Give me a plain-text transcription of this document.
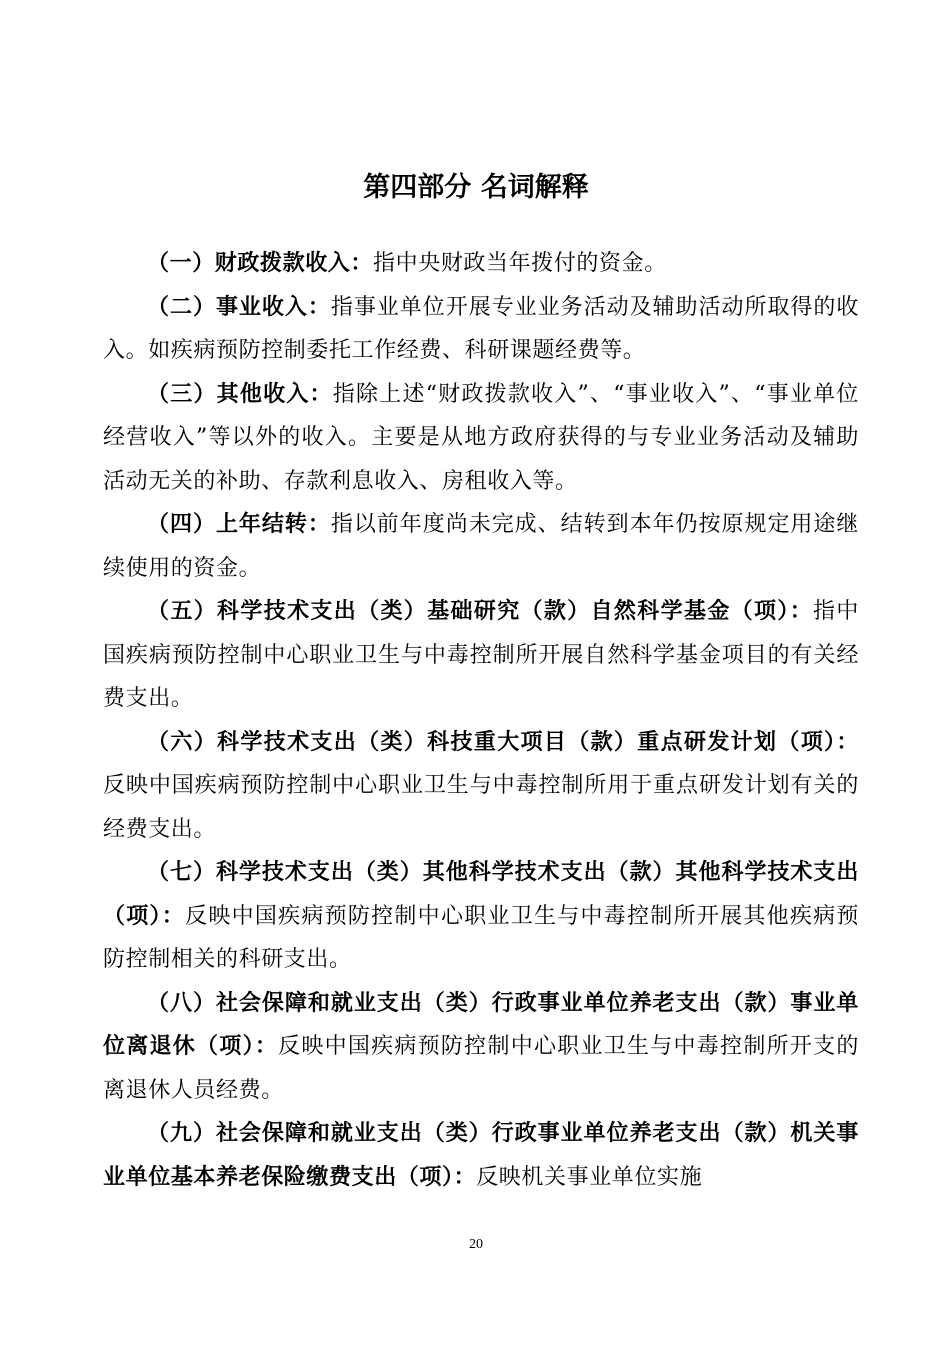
第四部分 名词解释

（一）财政拨款收入：指中央财政当年拨付的资金。

（二）事业收入：指事业单位开展专业业务活动及辅助活动所取得的收入。如疾病预防控制委托工作经费、科研课题经费等。

（三）其他收入：指除上述“财政拨款收入”、“事业收入”、“事业单位经营收入”等以外的收入。主要是从地方政府获得的与专业业务活动及辅助活动无关的补助、存款利息收入、房租收入等。

（四）上年结转：指以前年度尚未完成、结转到本年仍按原规定用途继续使用的资金。

（五）科学技术支出（类）基础研究（款）自然科学基金（项）：指中国疾病预防控制中心职业卫生与中毒控制所开展自然科学基金项目的有关经费支出。

（六）科学技术支出（类）科技重大项目（款）重点研发计划（项）：反映中国疾病预防控制中心职业卫生与中毒控制所用于重点研发计划有关的经费支出。

（七）科学技术支出（类）其他科学技术支出（款）其他科学技术支出（项）：反映中国疾病预防控制中心职业卫生与中毒控制所开展其他疾病预防控制相关的科研支出。

（八）社会保障和就业支出（类）行政事业单位养老支出（款）事业单位离退休（项）：反映中国疾病预防控制中心职业卫生与中毒控制所开支的离退休人员经费。

（九）社会保障和就业支出（类）行政事业单位养老支出（款）机关事业单位基本养老保险缴费支出（项）：反映机关事业单位实施

20
